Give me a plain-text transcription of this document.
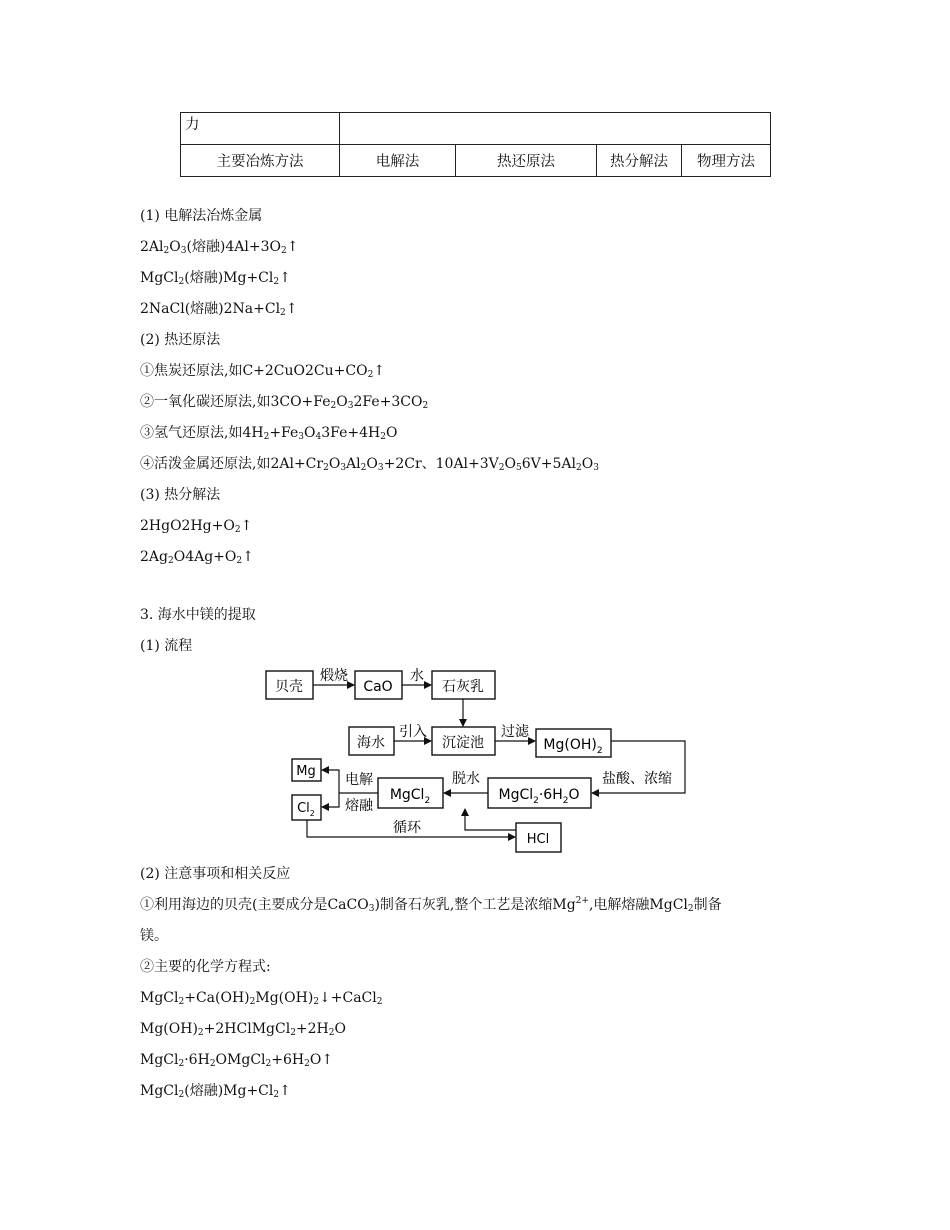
力				
主要冶炼方法	电解法	热还原法	热分解法	物理方法
(1) 电解法冶炼金属
$2Al_2O_3$(熔融)$4Al+3O_2↑$
MgCl$_2$(熔融)$Mg+Cl_2↑$
2NaCl(熔融)$2Na+Cl_2↑$
(2) 热还原法
①焦炭还原法,如$C+2CuO2Cu+CO_2↑$
②一氧化碳还原法,如$3CO+Fe_2O_32Fe+3CO_2$
③氢气还原法,如$4H_2+Fe_3O_43Fe+4H_2O$
④活泼金属还原法,如$2Al+Cr_2O_3Al_2O_3+2Cr$、$10Al+3V_2O_56V+5Al_2O_3$
(3) 热分解法
$2HgO2Hg+O_2↑$
$2Ag_2O4Ag+O_2↑$
3. 海水中镁的提取
(1) 流程
贝壳	CaO	石灰乳
海水	沉淀池	$Mg(OH)_2$
Mg
$Cl_2$
MgCl$_2$	$MgCl_2\cdot 6H_2O$
HCl
煅烧	水
引入	过滤
盐酸、浓缩
脱水
电解
熔融
循环
(2) 注意事项和相关反应
①利用海边的贝壳(主要成分是CaCO$_3$)制备石灰乳,整个工艺是浓缩$Mg^{2+}$,电解熔融MgCl$_2$制备
镁。
②主要的化学方程式:
$MgCl_2+Ca(OH)_2Mg(OH)_2↓+CaCl_2$
$Mg(OH)_2+2HClMgCl_2+2H_2O$
$MgCl_2\cdot 6H_2OMgCl_2+6H_2O↑$
MgCl$_2$(熔融)$Mg+Cl_2↑$
